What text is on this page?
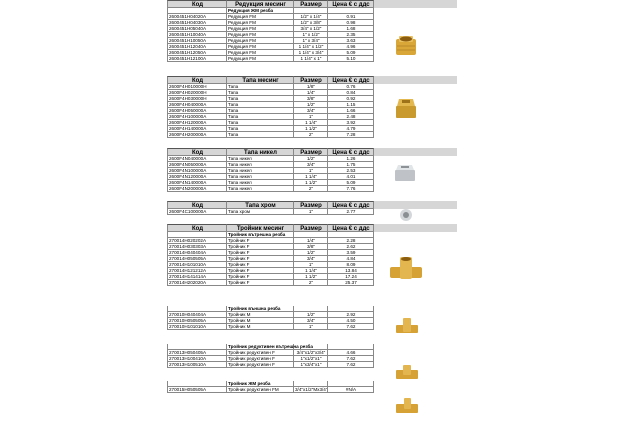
Код	Редукция месинг	Размер	Цена € с ддс
Редукция ЖМ резба
2600451H04020A	Редукция FM	1/2" x 1/4"	0.91
2600451H04030A	Редукция FM	1/2" x 3/8"	0.98
2600451H05040A	Редукция FM	3/4" x 1/2"	1.68
2600451H10040A	Редукция FM	1" x 1/2"	2.35
2600451H10050A	Редукция FM	1" x 3/4"	3.63
2600451H12040A	Редукция FM	1 1/4" x 1/2"	4.96
2600451H12050A	Редукция FM	1 1/4" x 3/4"	5.09
2600451H12100A	Редукция FM	1 1/4" x 1"	5.10
Код	Тапа месинг	Размер	Цена € с ддс
2600F4H010000H	Тапа	1/8"	0.76
2600F4H020000H	Тапа	1/4"	0.84
2600F4H030000H	Тапа	3/8"	0.92
2600F4H040000A	Тапа	1/2"	1.15
2600F4H050000A	Тапа	3/4"	1.66
2600F4H100000A	Тапа	1"	2.48
2600F4H120000A	Тапа	1 1/4"	3.92
2600F4H140000A	Тапа	1 1/2"	4.79
2600F4H200000A	Тапа	2"	7.28
Код	Тапа никел	Размер	Цена € с ддс
2600F4N040000A	Тапа никел	1/2"	1.26
2600F4N050000A	Тапа никел	3/4"	1.75
2600F4N100000A	Тапа никел	1"	2.53
2600F4N120000A	Тапа никел	1 1/4"	4.01
2600F4N140000A	Тапа никел	1 1/2"	5.09
2600F4N200000A	Тапа никел	2"	7.76
Код	Тапа хром	Размер	Цена € с ддс
2600F4C100000A	Тапа хром	1"	2.77
Код	Тройник месинг	Размер	Цена € с ддс
Тройник вътрешна резба
270014H020202A	Тройник F	1/4"	2.28
270014H030303A	Тройник F	3/8"	2.62
270014H040404A	Тройник F	1/2"	3.59
270014H050505A	Тройник F	3/4"	4.84
270014H101010A	Тройник F	1"	8.09
270014H121212A	Тройник F	1 1/4"	13.84
270014H141414A	Тройник F	1 1/2"	17.24
270014H202020A	Тройник F	2"	25.37
Тройник външна резба
270010H040404A	Тройник M	1/2"	2.92
270010H050505A	Тройник M	3/4"	4.50
270010H101010A	Тройник M	1"	7.62
Тройник редуктивен вътрешна резба
270013H050405A	Тройник редуктивен F	3/4"x1/2"x3/4"	4.66
270013H100410A	Тройник редуктивен F	1"x1/2"x1"	7.62
270013H100510A	Тройник редуктивен F	1"x3/4"x1"	7.62
Тройник ЖМ резба
270015H050505A	Тройник редуктивен FM	3/4"x1/2"Mx3/4"	#N/A
